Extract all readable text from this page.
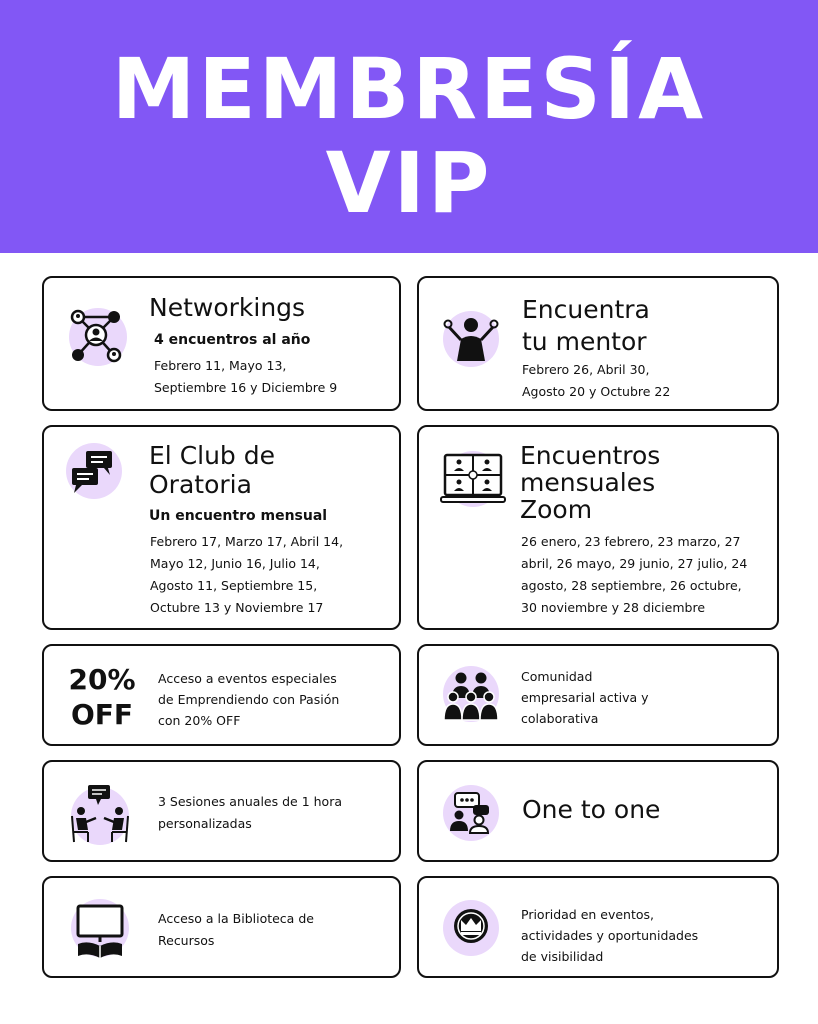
MEMBRESÍA
VIP
Networkings
4 encuentros al año
Febrero 11, Mayo 13,
Septiembre 16 y Diciembre 9
Encuentra
tu mentor
Febrero 26, Abril 30,
Agosto 20 y Octubre 22
El Club de
Oratoria
Un encuentro mensual
Febrero 17, Marzo 17, Abril 14,
Mayo 12, Junio 16, Julio 14,
Agosto 11, Septiembre 15,
Octubre 13 y Noviembre 17
Encuentros
mensuales
Zoom
26 enero, 23 febrero, 23 marzo, 27
abril, 26 mayo, 29 junio, 27 julio, 24
agosto, 28 septiembre, 26 octubre,
30 noviembre y 28 diciembre
20%
OFF
Acceso a eventos especiales
de Emprendiendo con Pasión
con 20% OFF
Comunidad
empresarial activa y
colaborativa
3 Sesiones anuales de 1 hora
personalizadas	One to one
Acceso a la Biblioteca de
Recursos
Prioridad en eventos,
actividades y oportunidades
de visibilidad
